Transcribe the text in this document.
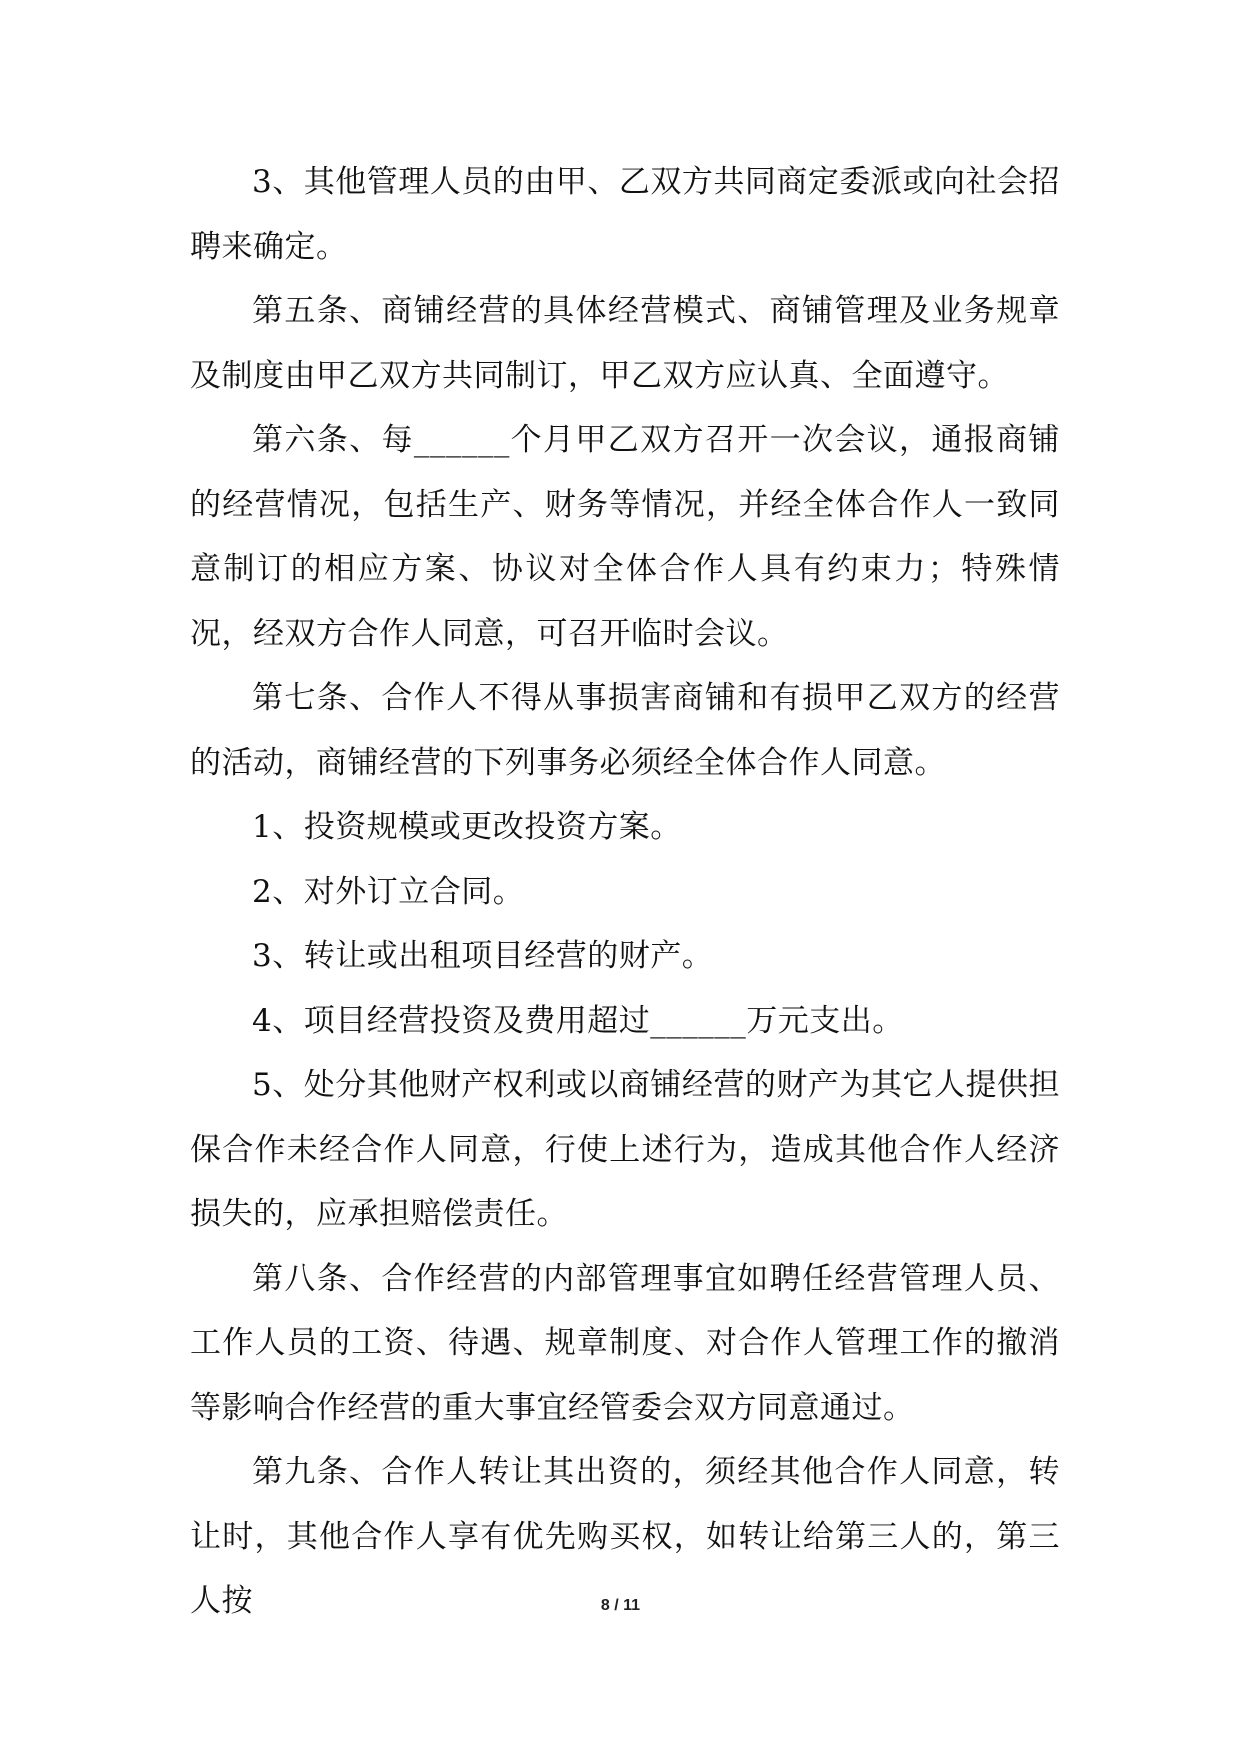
3、其他管理人员的由甲、乙双方共同商定委派或向社会招聘来确定。

第五条、商铺经营的具体经营模式、商铺管理及业务规章及制度由甲乙双方共同制订，甲乙双方应认真、全面遵守。

第六条、每______个月甲乙双方召开一次会议，通报商铺的经营情况，包括生产、财务等情况，并经全体合作人一致同意制订的相应方案、协议对全体合作人具有约束力；特殊情况，经双方合作人同意，可召开临时会议。

第七条、合作人不得从事损害商铺和有损甲乙双方的经营的活动，商铺经营的下列事务必须经全体合作人同意。

1、投资规模或更改投资方案。

2、对外订立合同。

3、转让或出租项目经营的财产。

4、项目经营投资及费用超过______万元支出。

5、处分其他财产权利或以商铺经营的财产为其它人提供担保合作未经合作人同意，行使上述行为，造成其他合作人经济损失的，应承担赔偿责任。

第八条、合作经营的内部管理事宜如聘任经营管理人员、工作人员的工资、待遇、规章制度、对合作人管理工作的撤消等影响合作经营的重大事宜经管委会双方同意通过。

第九条、合作人转让其出资的，须经其他合作人同意，转让时，其他合作人享有优先购买权，如转让给第三人的，第三人按	8 / 11
